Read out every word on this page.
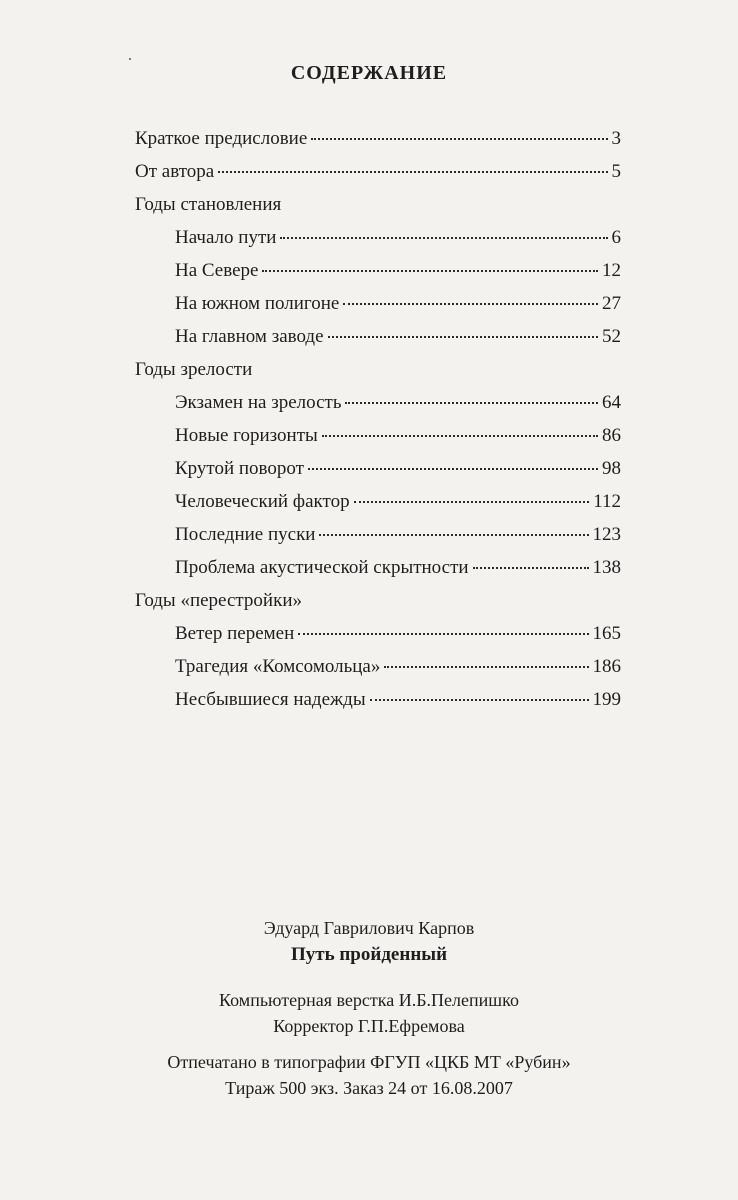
СОДЕРЖАНИЕ
Краткое предисловие	3
От автора	5
Годы становления
Начало пути	6
На Севере	12
На южном полигоне	27
На главном заводе	52
Годы зрелости
Экзамен на зрелость	64
Новые горизонты	86
Крутой поворот	98
Человеческий фактор	112
Последние пуски	123
Проблема акустической скрытности	138
Годы «перестройки»
Ветер перемен	165
Трагедия «Комсомольца»	186
Несбывшиеся надежды	199
Эдуард Гаврилович Карпов
Путь пройденный
Компьютерная верстка И.Б.Пелепишко
Корректор Г.П.Ефремова
Отпечатано в типографии ФГУП «ЦКБ МТ «Рубин»
Тираж 500 экз. Заказ 24 от 16.08.2007
